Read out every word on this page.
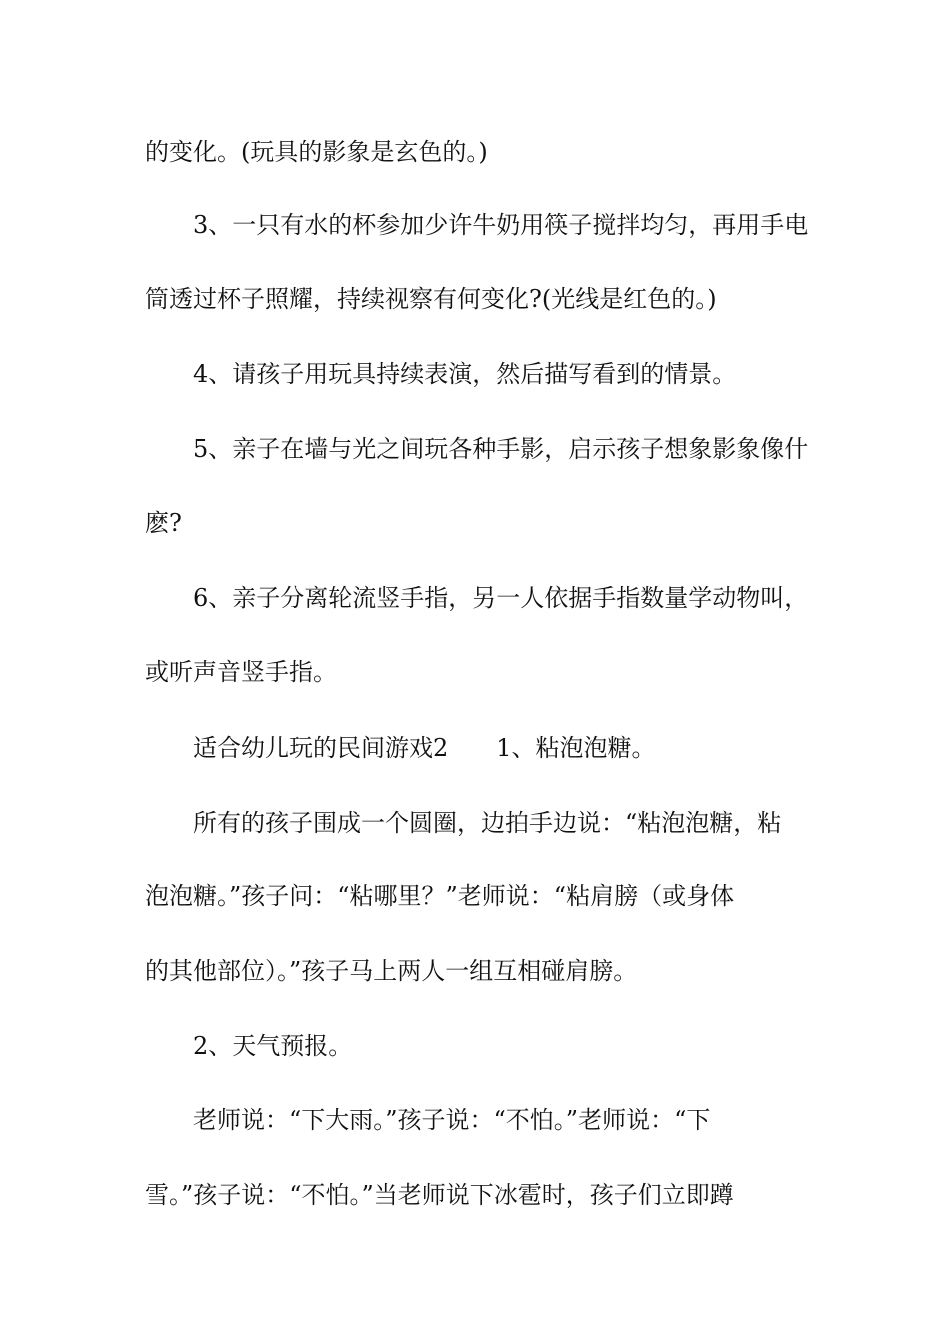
的变化。(玩具的影象是玄色的。)
3、一只有水的杯参加少许牛奶用筷子搅拌均匀，再用手电
筒透过杯子照耀，持续视察有何变化?(光线是红色的。)
4、请孩子用玩具持续表演，然后描写看到的情景。
5、亲子在墙与光之间玩各种手影，启示孩子想象影象像什
麽?
6、亲子分离轮流竖手指，另一人依据手指数量学动物叫，
或听声音竖手指。
适合幼儿玩的民间游戏2　　1、粘泡泡糖。
所有的孩子围成一个圆圈，边拍手边说：“粘泡泡糖，粘
泡泡糖。”孩子问：“粘哪里？”老师说：“粘肩膀（或身体
的其他部位）。”孩子马上两人一组互相碰肩膀。
2、天气预报。
老师说：“下大雨。”孩子说：“不怕。”老师说：“下
雪。”孩子说：“不怕。”当老师说下冰雹时，孩子们立即蹲
